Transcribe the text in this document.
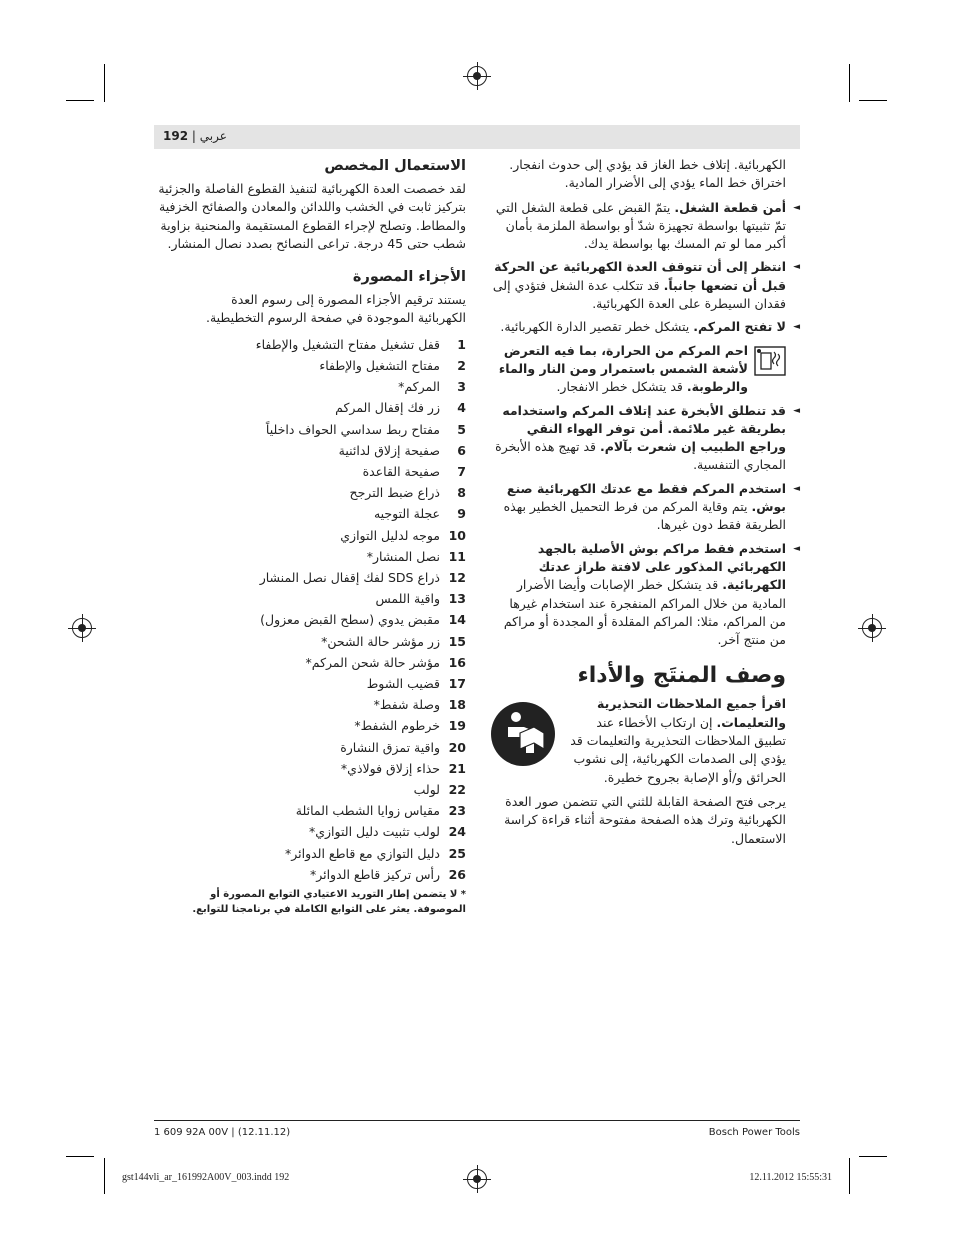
192 | عربي
الكهربائية. إتلاف خط الغاز قد يؤدي إلى حدوث انفجار. اختراق خط الماء يؤدي إلى الأضرار المادية.
أمن قطعة الشغل. يتمّ القبض على قطعة الشغل التي تمّ تثبيتها بواسطة تجهيزة شدّ أو بواسطة الملزمة بأمان أكبر مما لو تم المسك بها بواسطة يدك. ◄
انتظر إلى أن تتوقف العدة الكهربائية عن الحركة قبل أن تضعها جانباً. قد تتكلب عدة الشغل فتؤدي إلى فقدان السيطرة على العدة الكهربائية. ◄
لا تفتح المركم. يتشكل خطر تقصير الدارة الكهربائية. ◄
احم المركم من الحرارة، بما فيه التعرض لأشعة الشمس باستمرار ومن النار والماء والرطوبة. قد يتشكل خطر الانفجار.
قد تنطلق الأبخرة عند إتلاف المركم واستخدامه بطريقة غير ملائمة. أمن توفر الهواء النقي وراجع الطبيب إن شعرت بآلام. قد تهيج هذه الأبخرة المجاري التنفسية. ◄
استخدم المركم فقط مع عدتك الكهربائية صنع بوش. يتم وقاية المركم من فرط التحميل الخطير بهذه الطريقة فقط دون غيرها. ◄
استخدم فقط مراكم بوش الأصلية بالجهد الكهربائي المذكور على لافتة طراز عدتك الكهربائية. قد يتشكل خطر الإصابات وأيضا الأضرار المادية من خلال المراكم المنفجرة عند استخدام غيرها من المراكم، مثلا: المراكم المقلدة أو المجددة أو مراكم من منتج آخر. ◄
وصف المنتَج والأداء
اقرأ جميع الملاحظات التحذيرية والتعليمات. إن ارتكاب الأخطاء عند تطبيق الملاحظات التحذيرية والتعليمات قد يؤدي إلى الصدمات الكهربائية، إلى نشوب الحرائق و/أو الإصابة بجروح خطيرة.
يرجى فتح الصفحة القابلة للثني التي تتضمن صور العدة الكهربائية وترك هذه الصفحة مفتوحة أثناء قراءة كراسة الاستعمال.
الاستعمال المخصص
لقد خصصت العدة الكهربائية لتنفيذ القطوع الفاصلة والجزئية بتركيز ثابت في الخشب واللدائن والمعادن والصفائح الخزفية والمطاط. وتصلح لإجراء القطوع المستقيمة والمنحنية بزاوية شطب حتى 45 درجة. تراعى النصائح بصدد نصال المنشار.
الأجزاء المصورة
يستند ترقيم الأجزاء المصورة إلى رسوم العدة الكهربائية الموجودة في صفحة الرسوم التخطيطية.
1
قفل تشغيل مفتاح التشغيل والإطفاء
2
مفتاح التشغيل والإطفاء
3
المركم*
4
زر فك إقفال المركم
5
مفتاح ربط سداسي الحواف داخلياً
6
صفيحة إزلاق لدائنية
7
صفيحة القاعدة
8
ذراع ضبط الترجح
9
عجلة التوجيه
10
موجه لدليل التوازي
11
نصل المنشار*
12
ذراع SDS لفك إقفال نصل المنشار
13
واقية اللمس
14
مقبض يدوي (سطح القبض معزول)
15
زر مؤشر حالة الشحن*
16
مؤشر حالة شحن المركم*
17
قضيب الشوط
18
وصلة شفط*
19
خرطوم الشفط*
20
واقية تمزق النشارة
21
حذاء إزلاق فولاذي*
22
لولب
23
مقياس زوايا الشطب المائلة
24
لولب تثبيت دليل التوازي*
25
دليل التوازي مع قاطع الدوائر*
26
رأس تركيز قاطع الدوائر*
* لا يتضمن إطار التوريد الاعتيادي التوابع المصورة أو الموصوفة. يعثر على التوابع الكاملة في برنامجنا للتوابع.
1 609 92A 00V | (12.11.12)	Bosch Power Tools
gst144vli_ar_161992A00V_003.indd 192	12.11.2012 15:55:31
